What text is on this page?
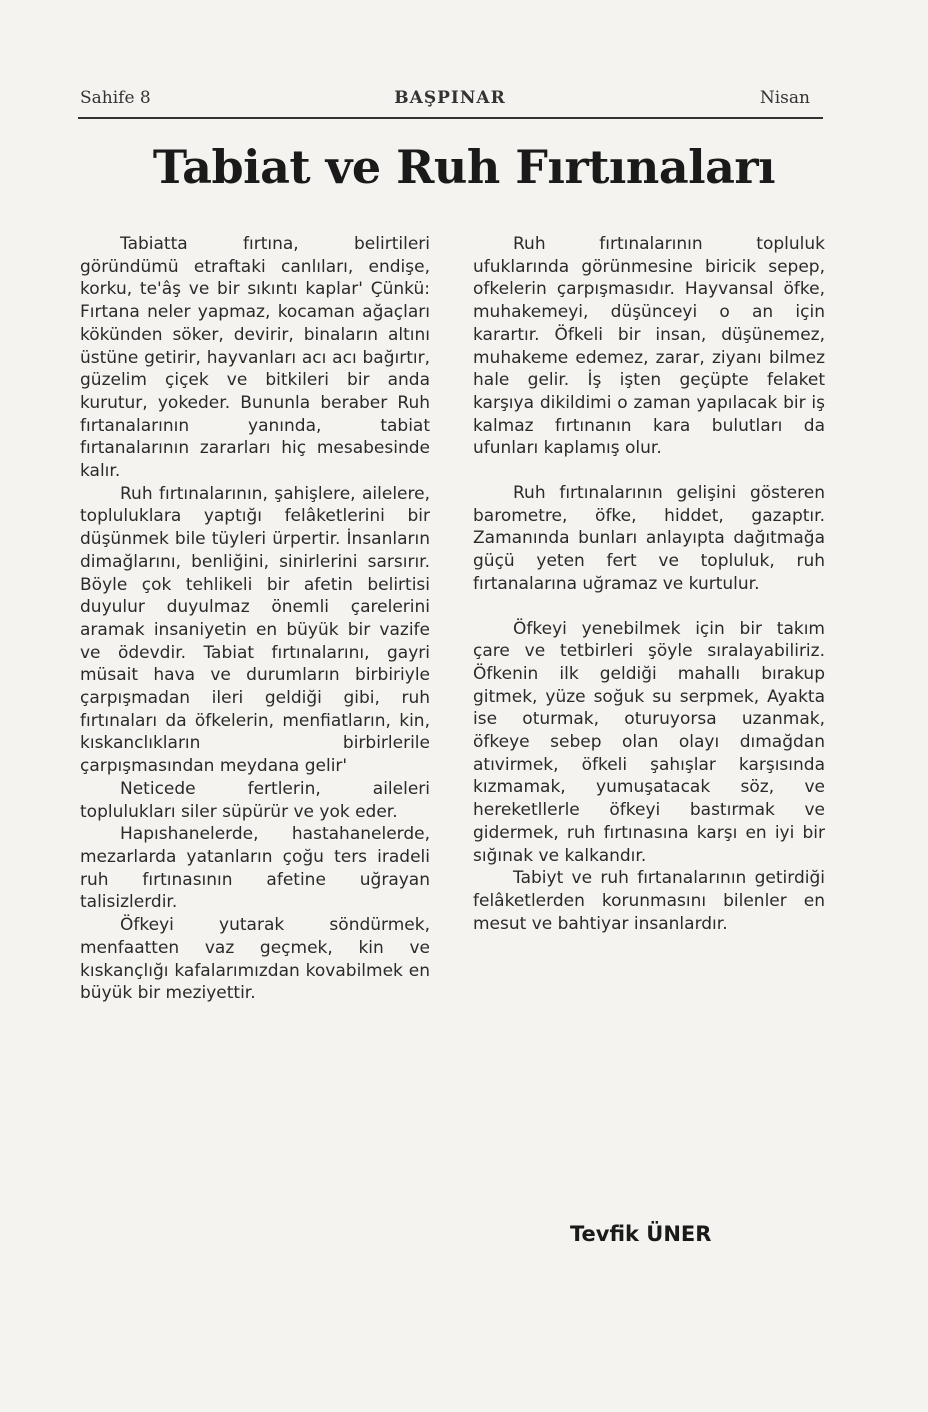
Sahife 8	BAŞPINAR	Nisan
Tabiat ve Ruh Fırtınaları

Tabiatta fırtına, belirtileri göründümü etraftaki canlıları, endişe, korku, te'âş ve bir sıkıntı kaplar' Çünkü: Fırtana neler yapmaz, kocaman ağaçları kökünden söker, devirir, binaların altını üstüne getirir, hayvanları acı acı bağırtır, güzelim çiçek ve bitkileri bir anda kurutur, yokeder. Bununla beraber Ruh fırtanalarının yanında, tabiat fırtanalarının zararları hiç mesabesinde kalır.

Ruh fırtınalarının, şahişlere, ailelere, topluluklara yaptığı felâketlerini bir düşünmek bile tüyleri ürpertir. İnsanların dimağlarını, benliğini, sinirlerini sarsırır. Böyle çok tehlikeli bir afetin belirtisi duyulur duyulmaz önemli çarelerini aramak insaniyetin en büyük bir vazife ve ödevdir. Tabiat fırtınalarını, gayri müsait hava ve durumların birbiriyle çarpışmadan ileri geldiği gibi, ruh fırtınaları da öfkelerin, menfiatların, kin, kıskanclıkların birbirlerile çarpışmasından meydana gelir'

Neticede fertlerin, aileleri toplulukları siler süpürür ve yok eder.

Hapıshanelerde, hastahanelerde, mezarlarda yatanların çoğu ters iradeli ruh fırtınasının afetine uğrayan talisizlerdir.

Öfkeyi yutarak söndürmek, menfaatten vaz geçmek, kin ve kıskançlığı kafalarımızdan kovabilmek en büyük bir meziyettir.

Ruh fırtınalarının topluluk ufuklarında görünmesine biricik sepep, ofkelerin çarpışmasıdır. Hayvansal öfke, muhakemeyi, düşünceyi o an için karartır. Öfkeli bir insan, düşünemez, muhakeme edemez, zarar, ziyanı bilmez hale gelir. İş işten geçüpte felaket karşıya dikildimi o zaman yapılacak bir iş kalmaz fırtınanın kara bulutları da ufunları kaplamış olur.

Ruh fırtınalarının gelişini gösteren barometre, öfke, hiddet, gazaptır. Zamanında bunları anlayıptа dağıtmağa güçü yeten fert ve topluluk, ruh fırtanalarına uğramaz ve kurtulur.

Öfkeyi yenebilmek için bir takım çare ve tetbirleri şöyle sıralayabiliriz. Öfkenin ilk geldiği mahallı bırakup gitmek, yüze soğuk su serpmek, Ayakta ise oturmak, oturuyorsa uzanmak, öfkeye sebep olan olayı dımağdan atıvirmek, öfkeli şahışlar karşısında kızmamak, yumuşatacak söz, ve hereketllerle öfkeyi bastırmak ve gidermek, ruh fırtınasına karşı en iyi bir sığınak ve kalkandır.

Tabiyt ve ruh fırtanalarının getirdiği felâketlerden korunmasını bilenler en mesut ve bahtiyar insanlardır.

Tevfik ÜNER
